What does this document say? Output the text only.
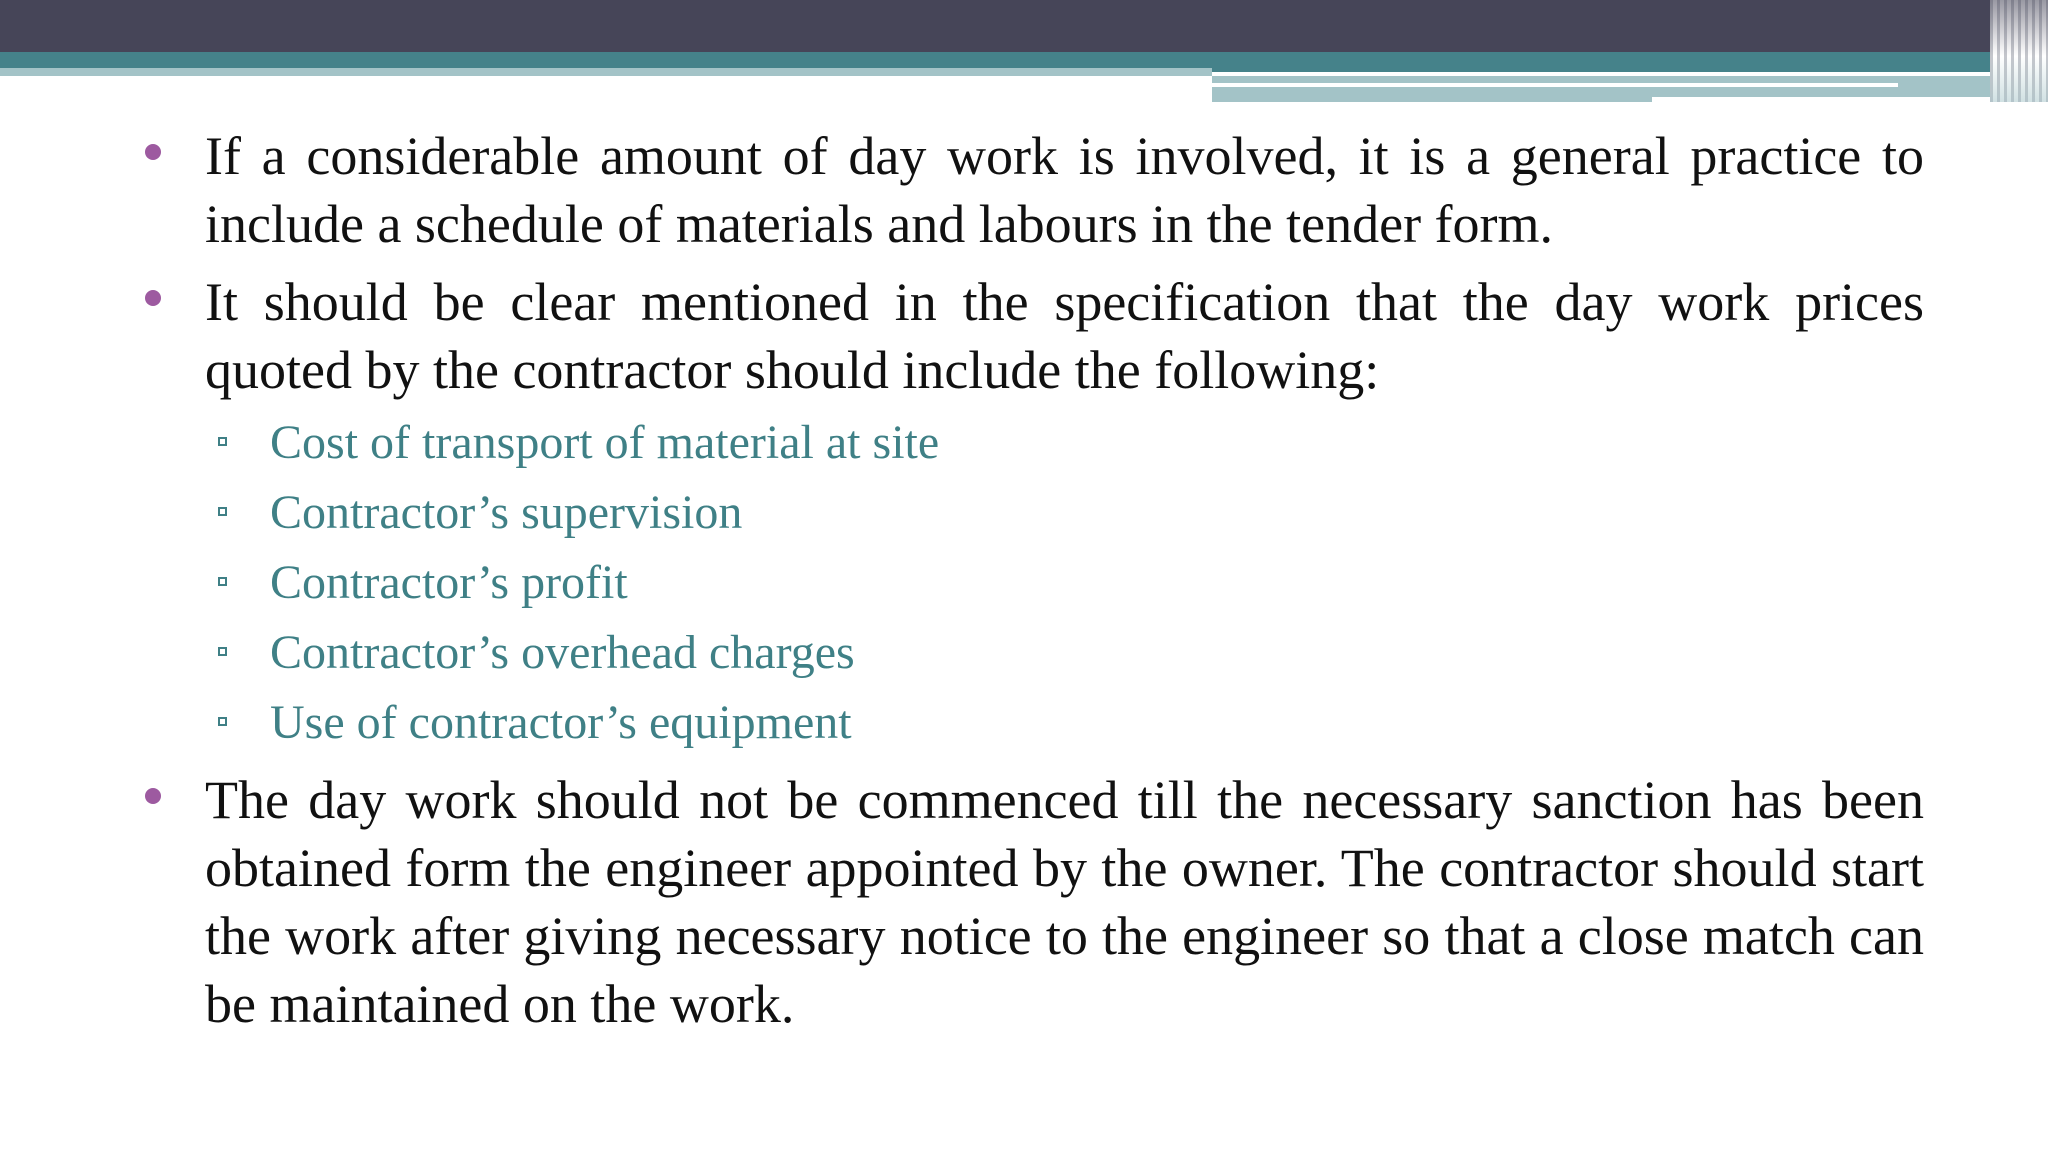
If a considerable amount of day work is involved, it is a general practice to include a schedule of materials and labours in the tender form.
It should be clear mentioned in the specification that the day work prices quoted by the contractor should include the following:
Cost of transport of material at site
Contractor’s supervision
Contractor’s profit
Contractor’s overhead charges
Use of contractor’s equipment
The day work should not be commenced till the necessary sanction has been obtained form the engineer appointed by the owner. The contractor should start the work after giving necessary notice to the engineer so that a close match can be maintained on the work.
